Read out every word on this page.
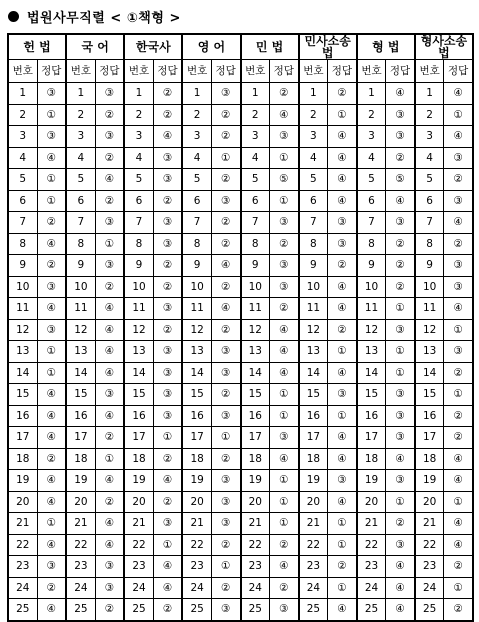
법원사무직렬 < ①책형 >
헌 법		국 어		한국사		영 어		민 법		민사소송법		형 법		형사소송법	
번호	정답	번호	정답	번호	정답	번호	정답	번호	정답	번호	정답	번호	정답	번호	정답
1	③	1	③	1	②	1	③	1	②	1	②	1	④	1	④
2	①	2	②	2	②	2	②	2	④	2	①	2	③	2	①
3	③	3	③	3	④	3	②	3	③	3	④	3	③	3	④
4	④	4	②	4	③	4	①	4	①	4	④	4	②	4	③
5	①	5	④	5	③	5	②	5	⑤	5	④	5	⑤	5	②
6	①	6	②	6	②	6	③	6	①	6	④	6	④	6	③
7	②	7	③	7	③	7	②	7	③	7	③	7	③	7	④
8	④	8	①	8	③	8	②	8	②	8	③	8	②	8	②
9	②	9	③	9	②	9	④	9	③	9	②	9	②	9	③
10	③	10	②	10	②	10	②	10	③	10	④	10	②	10	③
11	④	11	④	11	③	11	④	11	②	11	④	11	①	11	④
12	③	12	④	12	②	12	②	12	④	12	②	12	③	12	①
13	①	13	④	13	③	13	③	13	④	13	①	13	①	13	③
14	①	14	④	14	③	14	③	14	④	14	④	14	①	14	②
15	④	15	③	15	③	15	②	15	①	15	③	15	③	15	①
16	④	16	④	16	③	16	③	16	①	16	①	16	③	16	②
17	④	17	②	17	①	17	①	17	③	17	④	17	③	17	②
18	②	18	①	18	②	18	②	18	④	18	④	18	④	18	④
19	④	19	④	19	④	19	③	19	①	19	③	19	③	19	④
20	④	20	②	20	②	20	③	20	①	20	④	20	①	20	①
21	①	21	④	21	③	21	③	21	①	21	①	21	②	21	④
22	④	22	④	22	①	22	②	22	②	22	①	22	③	22	④
23	③	23	③	23	④	23	①	23	④	23	②	23	④	23	②
24	②	24	③	24	④	24	②	24	②	24	①	24	④	24	①
25	④	25	②	25	②	25	③	25	③	25	④	25	④	25	②
